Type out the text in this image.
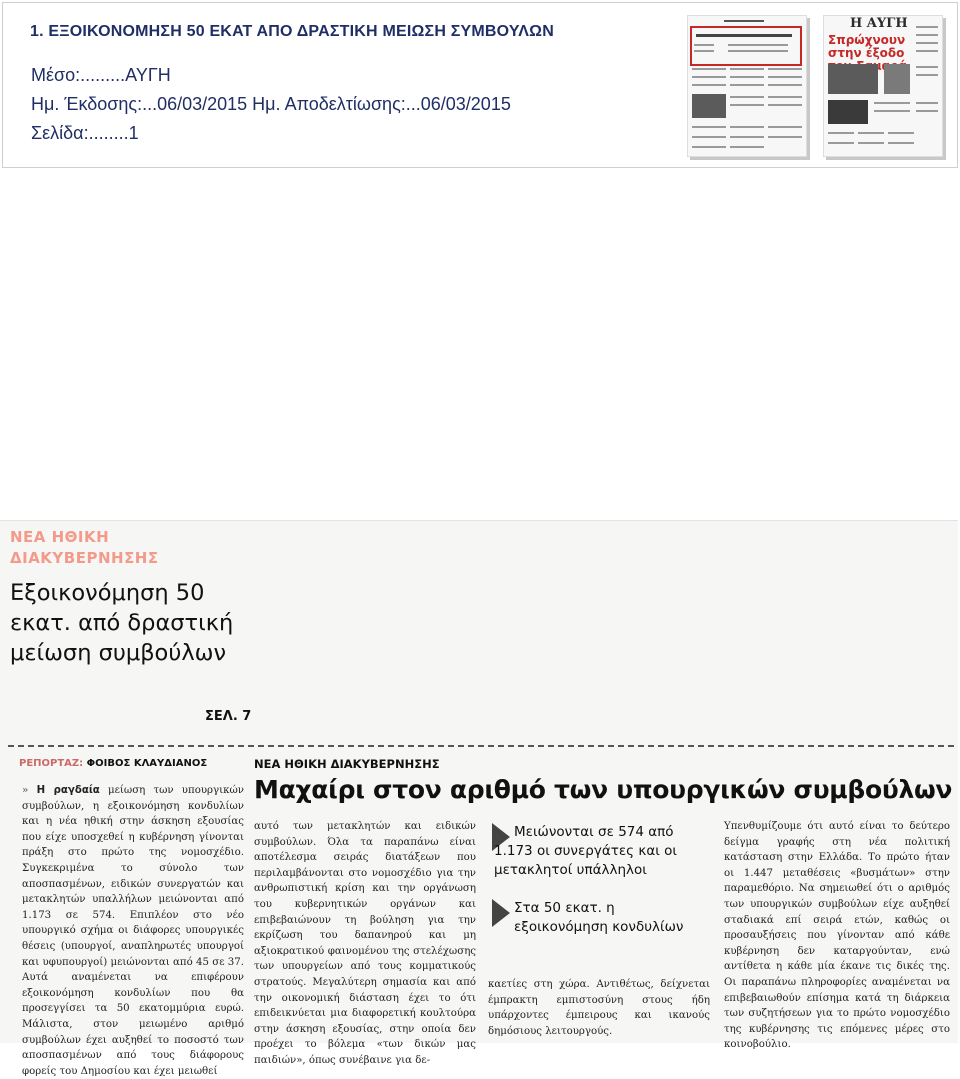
1. ΕΞΟΙΚΟΝΟΜΗΣΗ 50 ΕΚΑΤ ΑΠΟ ΔΡΑΣΤΙΚΗ ΜΕΙΩΣΗ ΣΥΜΒΟΥΛΩΝ
Μέσο:.........ΑΥΓΗ
Ημ. Έκδοσης:...06/03/2015 Ημ. Αποδελτίωσης:...06/03/2015
Σελίδα:........1
Η ΑΥΓΗ
Σπρώχνουν στην έξοδο Σαμαρά
ΝΕΑ ΗΘΙΚΗ
ΔΙΑΚΥΒΕΡΝΗΣΗΣ
Εξοικονόμηση 50 εκατ. από δραστική μείωση συμβούλων
ΣΕΛ. 7
ΡΕΠΟΡΤΑΖ: ΦΟΙΒΟΣ ΚΛΑΥΔΙΑΝΟΣ	ΝΕΑ ΗΘΙΚΗ ΔΙΑΚΥΒΕΡΝΗΣΗΣ
Μαχαίρι στον αριθμό των υπουργικών συμβούλων
» Η ραγδαία μείωση των υπουργικών συμβούλων, η εξοικονόμηση κονδυλίων και η νέα ηθική στην άσκηση εξουσίας που είχε υποσχεθεί η κυβέρνηση γίνονται πράξη στο πρώτο της νομοσχέδιο. Συγκεκριμένα το σύνολο των αποσπασμένων, ειδικών συνεργατών και μετακλητών υπαλλήλων μειώνονται από 1.173 σε 574. Επιπλέον στο νέο υπουργικό σχήμα οι διάφορες υπουργικές θέσεις (υπουργοί, αναπληρωτές υπουργοί και υφυπουργοί) μειώνονται από 45 σε 37. Αυτά αναμένεται να επιφέρουν εξοικονόμηση κονδυλίων που θα προσεγγίσει τα 50 εκατομμύρια ευρώ. Μάλιστα, στον μειωμένο αριθμό συμβούλων έχει αυξηθεί το ποσοστό των αποσπασμένων από τους διάφορους φορείς του Δημοσίου και έχει μειωθεί
αυτό των μετακλητών και ειδικών συμβούλων. Όλα τα παραπάνω είναι αποτέλεσμα σειράς διατάξεων που περιλαμβάνονται στο νομοσχέδιο για την ανθρωπιστική κρίση και την οργάνωση του κυβερνητικών οργάνων και επιβεβαιώνουν τη βούληση για την εκρίζωση του δαπανηρού και μη αξιοκρατικού φαινομένου της στελέχωσης των υπουργείων από τους κομματικούς στρατούς. Μεγαλύτερη σημασία και από την οικονομική διάσταση έχει το ότι επιδεικνύεται μια διαφορετική κουλτούρα στην άσκηση εξουσίας, στην οποία δεν προέχει το βόλεμα «των δικών μας παιδιών», όπως συνέβαινε για δε-
Μειώνονται σε 574 από 1.173 οι συνεργάτες και οι μετακλητοί υπάλληλοι
Στα 50 εκατ. η εξοικονόμηση κονδυλίων
καετίες στη χώρα. Αντιθέτως, δείχνεται έμπρακτη εμπιστοσύνη στους ήδη υπάρχοντες έμπειρους και ικανούς δημόσιους λειτουργούς.
Υπενθυμίζουμε ότι αυτό είναι το δεύτερο δείγμα γραφής στη νέα πολιτική κατάσταση στην Ελλάδα. Το πρώτο ήταν οι 1.447 μεταθέσεις «βυσμάτων» στην παραμεθόριο. Να σημειωθεί ότι ο αριθμός των υπουργικών συμβούλων είχε αυξηθεί σταδιακά επί σειρά ετών, καθώς οι προσαυξήσεις που γίνονταν από κάθε κυβέρνηση δεν καταργούνταν, ενώ αντίθετα η κάθε μία έκανε τις δικές της. Οι παραπάνω πληροφορίες αναμένεται να επιβεβαιωθούν επίσημα κατά τη διάρκεια των συζητήσεων για το πρώτο νομοσχέδιο της κυβέρνησης τις επόμενες μέρες στο κοινοβούλιο.
